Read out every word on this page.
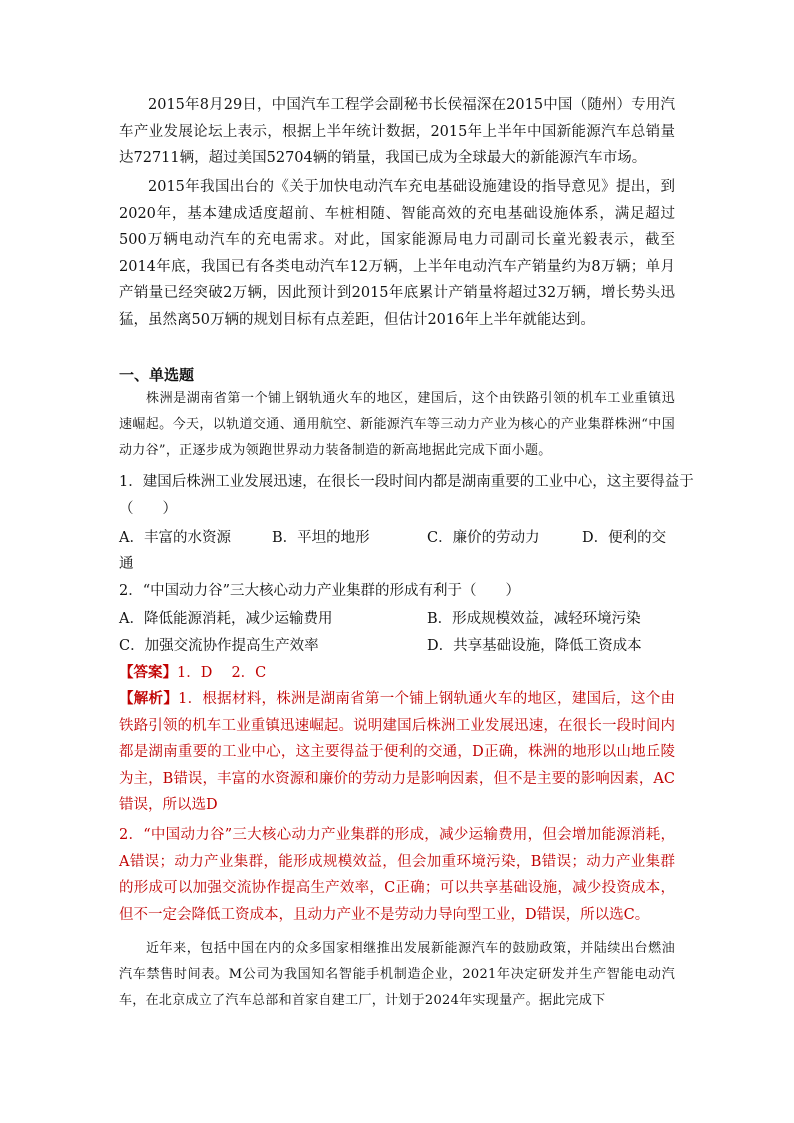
2015年8月29日，中国汽车工程学会副秘书长侯福深在2015中国（随州）专用汽车产业发展论坛上表示，根据上半年统计数据，2015年上半年中国新能源汽车总销量达72711辆，超过美国52704辆的销量，我国已成为全球最大的新能源汽车市场。

2015年我国出台的《关于加快电动汽车充电基础设施建设的指导意见》提出，到2020年，基本建成适度超前、车桩相随、智能高效的充电基础设施体系，满足超过500万辆电动汽车的充电需求。对此，国家能源局电力司副司长童光毅表示，截至2014年底，我国已有各类电动汽车12万辆，上半年电动汽车产销量约为8万辆；单月产销量已经突破2万辆，因此预计到2015年底累计产销量将超过32万辆，增长势头迅猛，虽然离50万辆的规划目标有点差距，但估计2016年上半年就能达到。

一、单选题

株洲是湖南省第一个铺上钢轨通火车的地区，建国后，这个由铁路引领的机车工业重镇迅速崛起。今天，以轨道交通、通用航空、新能源汽车等三动力产业为核心的产业集群株洲“中国动力谷”，正逐步成为领跑世界动力装备制造的新高地据此完成下面小题。

1．建国后株洲工业发展迅速，在很长一段时间内都是湖南重要的工业中心，这主要得益于

（　　）

A．丰富的水资源	B．平坦的地形	C．廉价的劳动力	D．便利的交

通

2．“中国动力谷”三大核心动力产业集群的形成有利于（　　）

A．降低能源消耗，减少运输费用	B．形成规模效益，减轻环境污染

C．加强交流协作提高生产效率	D．共享基础设施，降低工资成本

【答案】1．D　 2．C

【解析】1．根据材料，株洲是湖南省第一个铺上钢轨通火车的地区，建国后，这个由铁路引领的机车工业重镇迅速崛起。说明建国后株洲工业发展迅速，在很长一段时间内都是湖南重要的工业中心，这主要得益于便利的交通，D正确，株洲的地形以山地丘陵为主，B错误，丰富的水资源和廉价的劳动力是影响因素，但不是主要的影响因素，AC错误，所以选D

2．“中国动力谷”三大核心动力产业集群的形成，减少运输费用，但会增加能源消耗，A错误；动力产业集群，能形成规模效益，但会加重环境污染，B错误；动力产业集群的形成可以加强交流协作提高生产效率，C正确；可以共享基础设施，减少投资成本，但不一定会降低工资成本，且动力产业不是劳动力导向型工业，D错误，所以选C。

近年来，包括中国在内的众多国家相继推出发展新能源汽车的鼓励政策，并陆续出台燃油汽车禁售时间表。M公司为我国知名智能手机制造企业，2021年决定研发并生产智能电动汽车，在北京成立了汽车总部和首家自建工厂，计划于2024年实现量产。据此完成下
